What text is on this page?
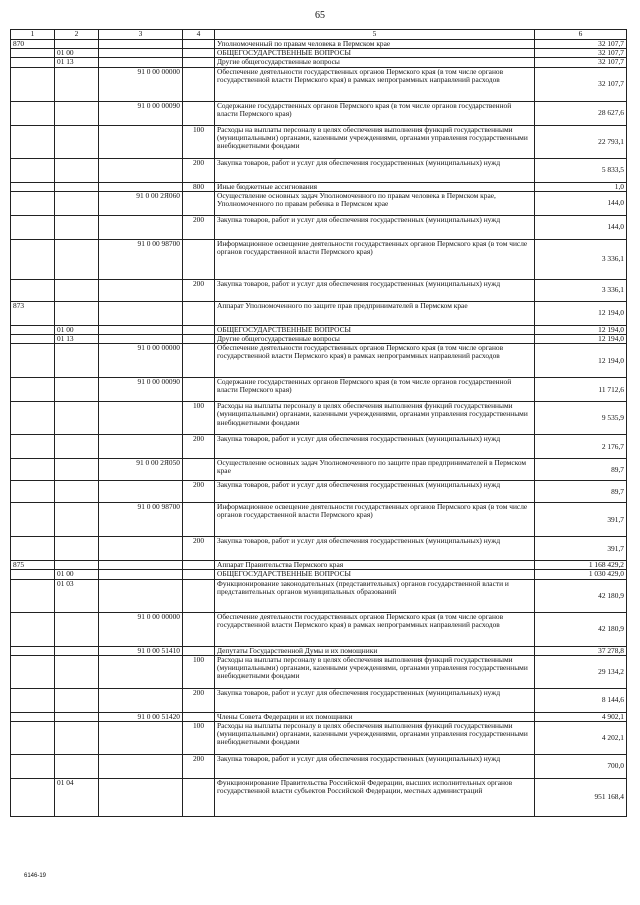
65
1	2	3	4	5	6
870				Уполномоченный по правам человека в Пермском крае	32 107,7
	01 00			ОБЩЕГОСУДАРСТВЕННЫЕ ВОПРОСЫ	32 107,7
	01 13			Другие общегосударственные вопросы	32 107,7
		91 0 00 00000		Обеспечение деятельности государственных органов Пермского края (в том числе органов государственной власти Пермского края) в рамках непрограммных направлений расходов	32 107,7
		91 0 00 00090		Содержание государственных органов Пермского края (в том числе органов государственной власти Пермского края)	28 627,6
			100	Расходы на выплаты персоналу в целях обеспечения выполнения функций государственными (муниципальными) органами, казенными учреждениями, органами управления государственными внебюджетными фондами	22 793,1
			200	Закупка товаров, работ и услуг для обеспечения государственных (муниципальных) нужд	5 833,5
			800	Иные бюджетные ассигнования	1,0
		91 0 00 2Я060		Осуществление основных задач Уполномоченного по правам человека в Пермском крае, Уполномоченного по правам ребенка в Пермском крае	144,0
			200	Закупка товаров, работ и услуг для обеспечения государственных (муниципальных) нужд	144,0
		91 0 00 98700		Информационное освещение деятельности государственных органов Пермского края (в том числе органов государственной власти Пермского края)	3 336,1
			200	Закупка товаров, работ и услуг для обеспечения государственных (муниципальных) нужд	3 336,1
873				Аппарат Уполномоченного по защите прав предпринимателей в Пермском крае	12 194,0
	01 00			ОБЩЕГОСУДАРСТВЕННЫЕ ВОПРОСЫ	12 194,0
	01 13			Другие общегосударственные вопросы	12 194,0
		91 0 00 00000		Обеспечение деятельности государственных органов Пермского края (в том числе органов государственной власти Пермского края) в рамках непрограммных направлений расходов	12 194,0
		91 0 00 00090		Содержание государственных органов Пермского края (в том числе органов государственной власти Пермского края)	11 712,6
			100	Расходы на выплаты персоналу в целях обеспечения выполнения функций государственными (муниципальными) органами, казенными учреждениями, органами управления государственными внебюджетными фондами	9 535,9
			200	Закупка товаров, работ и услуг для обеспечения государственных (муниципальных) нужд	2 176,7
		91 0 00 2Я050		Осуществление основных задач Уполномоченного по защите прав предпринимателей в Пермском крае	89,7
			200	Закупка товаров, работ и услуг для обеспечения государственных (муниципальных) нужд	89,7
		91 0 00 98700		Информационное освещение деятельности государственных органов Пермского края (в том числе органов государственной власти Пермского края)	391,7
			200	Закупка товаров, работ и услуг для обеспечения государственных (муниципальных) нужд	391,7
875				Аппарат Правительства Пермского края	1 168 429,2
	01 00			ОБЩЕГОСУДАРСТВЕННЫЕ ВОПРОСЫ	1 030 429,0
	01 03			Функционирование законодательных (представительных) органов государственной власти и представительных органов муниципальных образований	42 180,9
		91 0 00 00000		Обеспечение деятельности государственных органов Пермского края (в том числе органов государственной власти Пермского края) в рамках непрограммных направлений расходов	42 180,9
		91 0 00 51410		Депутаты Государственной Думы и их помощники	37 278,8
			100	Расходы на выплаты персоналу в целях обеспечения выполнения функций государственными (муниципальными) органами, казенными учреждениями, органами управления государственными внебюджетными фондами	29 134,2
			200	Закупка товаров, работ и услуг для обеспечения государственных (муниципальных) нужд	8 144,6
		91 0 00 51420		Члены Совета Федерации и их помощники	4 902,1
			100	Расходы на выплаты персоналу в целях обеспечения выполнения функций государственными (муниципальными) органами, казенными учреждениями, органами управления государственными внебюджетными фондами	4 202,1
			200	Закупка товаров, работ и услуг для обеспечения государственных (муниципальных) нужд	700,0
	01 04			Функционирование Правительства Российской Федерации, высших исполнительных органов государственной власти субъектов Российской Федерации, местных администраций	951 168,4
6146-19
